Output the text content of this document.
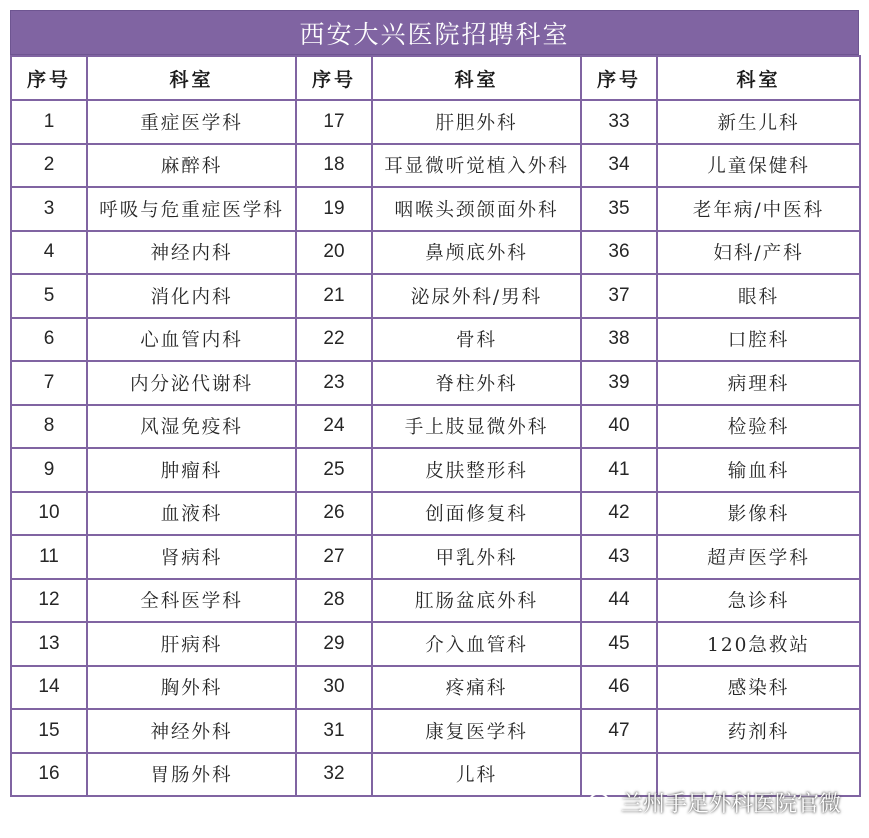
西安大兴医院招聘科室
序号	科室	序号	科室	序号	科室
1	重症医学科	17	肝胆外科	33	新生儿科
2	麻醉科	18	耳显微听觉植入外科	34	儿童保健科
3	呼吸与危重症医学科	19	咽喉头颈颌面外科	35	老年病/中医科
4	神经内科	20	鼻颅底外科	36	妇科/产科
5	消化内科	21	泌尿外科/男科	37	眼科
6	心血管内科	22	骨科	38	口腔科
7	内分泌代谢科	23	脊柱外科	39	病理科
8	风湿免疫科	24	手上肢显微外科	40	检验科
9	肿瘤科	25	皮肤整形科	41	输血科
10	血液科	26	创面修复科	42	影像科
11	肾病科	27	甲乳外科	43	超声医学科
12	全科医学科	28	肛肠盆底外科	44	急诊科
13	肝病科	29	介入血管科	45	120急救站
14	胸外科	30	疼痛科	46	感染科
15	神经外科	31	康复医学科	47	药剂科
16	胃肠外科	32	儿科		
兰州手足外科医院官微
